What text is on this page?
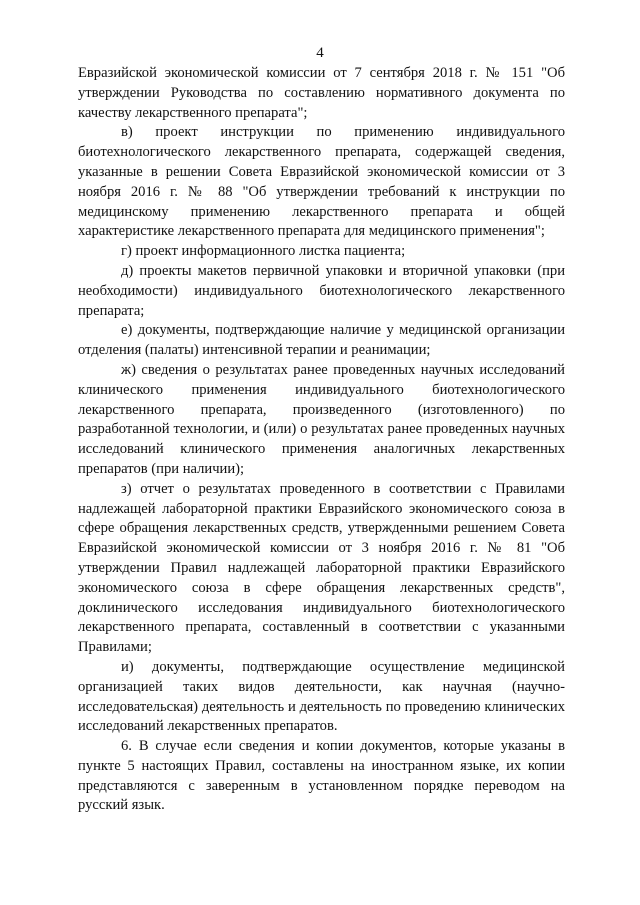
4

Евразийской экономической комиссии от 7 сентября 2018 г. № 151 "Об утверждении Руководства по составлению нормативного документа по качеству лекарственного препарата";

в) проект инструкции по применению индивидуального биотехнологического лекарственного препарата, содержащей сведения, указанные в решении Совета Евразийской экономической комиссии от 3 ноября 2016 г. № 88 "Об утверждении требований к инструкции по медицинскому применению лекарственного препарата и общей характеристике лекарственного препарата для медицинского применения";

г) проект информационного листка пациента;

д) проекты макетов первичной упаковки и вторичной упаковки (при необходимости) индивидуального биотехнологического лекарственного препарата;

е) документы, подтверждающие наличие у медицинской организации отделения (палаты) интенсивной терапии и реанимации;

ж) сведения о результатах ранее проведенных научных исследований клинического применения индивидуального биотехнологического лекарственного препарата, произведенного (изготовленного) по разработанной технологии, и (или) о результатах ранее проведенных научных исследований клинического применения аналогичных лекарственных препаратов (при наличии);

з) отчет о результатах проведенного в соответствии с Правилами надлежащей лабораторной практики Евразийского экономического союза в сфере обращения лекарственных средств, утвержденными решением Совета Евразийской экономической комиссии от 3 ноября 2016 г. № 81 "Об утверждении Правил надлежащей лабораторной практики Евразийского экономического союза в сфере обращения лекарственных средств", доклинического исследования индивидуального биотехнологического лекарственного препарата, составленный в соответствии с указанными Правилами;

и) документы, подтверждающие осуществление медицинской организацией таких видов деятельности, как научная (научно-исследовательская) деятельность и деятельность по проведению клинических исследований лекарственных препаратов.

6. В случае если сведения и копии документов, которые указаны в пункте 5 настоящих Правил, составлены на иностранном языке, их копии представляются с заверенным в установленном порядке переводом на русский язык.
